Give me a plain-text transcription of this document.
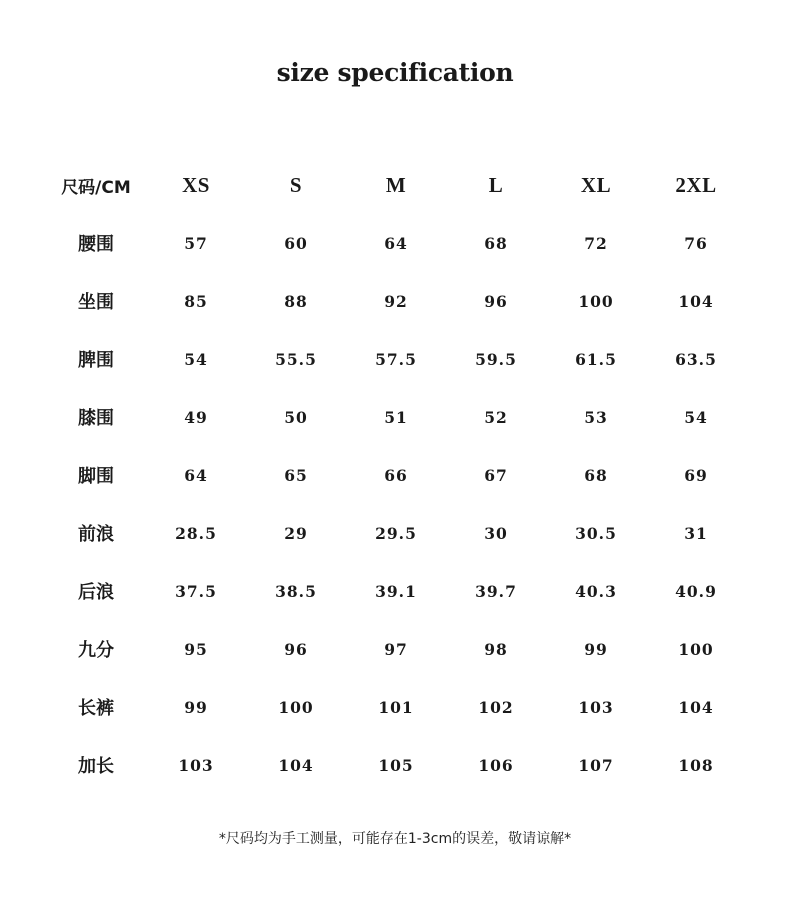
size specification
尺码/CM	XS	S	M	L	XL	2XL
腰围	57	60	64	68	72	76
坐围	85	88	92	96	100	104
脾围	54	55.5	57.5	59.5	61.5	63.5
膝围	49	50	51	52	53	54
脚围	64	65	66	67	68	69
前浪	28.5	29	29.5	30	30.5	31
后浪	37.5	38.5	39.1	39.7	40.3	40.9
九分	95	96	97	98	99	100
长裤	99	100	101	102	103	104
加长	103	104	105	106	107	108
*尺码均为手工测量，可能存在1-3cm的误差，敬请谅解*
